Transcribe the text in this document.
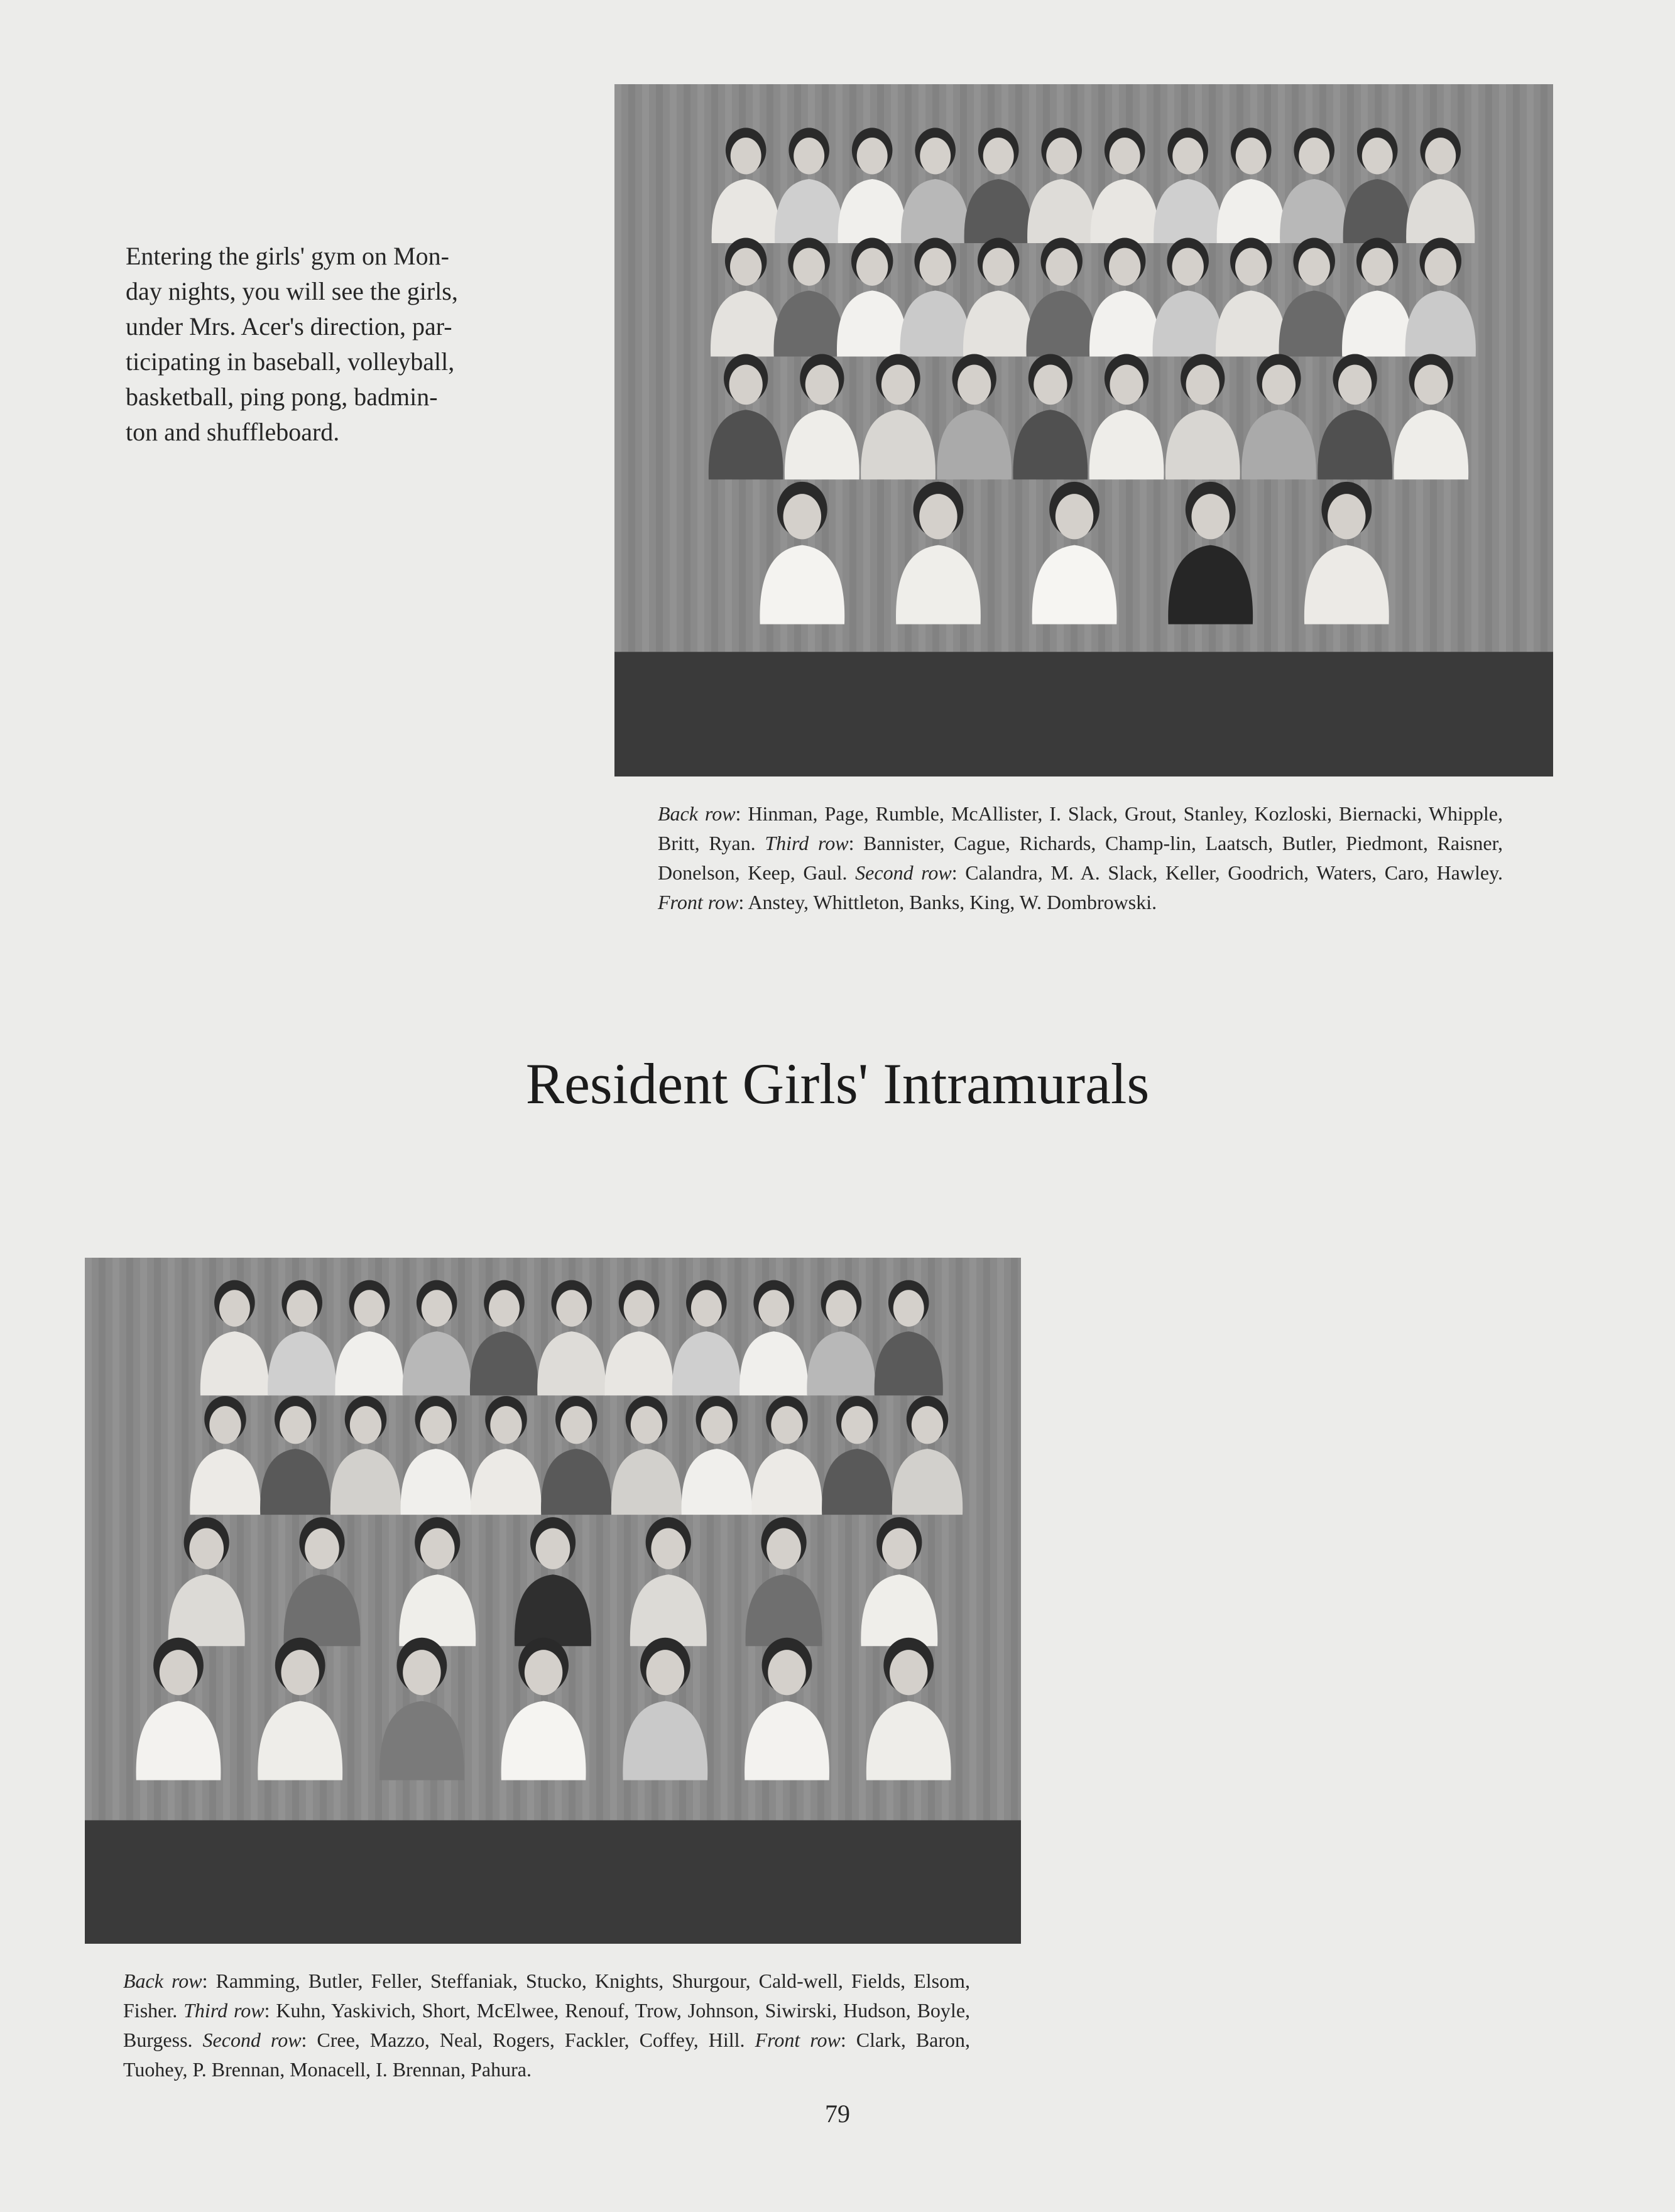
Entering the girls' gym on Mon-
day nights, you will see the girls,
under Mrs. Acer's direction, par-
ticipating in baseball, volleyball,
basketball, ping pong, badmin-
ton and shuffleboard.

Back row: Hinman, Page, Rumble, McAllister, I. Slack, Grout, Stanley, Kozloski, Biernacki, Whipple, Britt, Ryan. Third row: Bannister, Cague, Richards, Champ-lin, Laatsch, Butler, Piedmont, Raisner, Donelson, Keep, Gaul. Second row: Calandra, M. A. Slack, Keller, Goodrich, Waters, Caro, Hawley. Front row: Anstey, Whittleton, Banks, King, W. Dombrowski.

Resident Girls' Intramurals

Back row: Ramming, Butler, Feller, Steffaniak, Stucko, Knights, Shurgour, Cald-well, Fields, Elsom, Fisher. Third row: Kuhn, Yaskivich, Short, McElwee, Renouf, Trow, Johnson, Siwirski, Hudson, Boyle, Burgess. Second row: Cree, Mazzo, Neal, Rogers, Fackler, Coffey, Hill. Front row: Clark, Baron, Tuohey, P. Brennan, Monacell, I. Brennan, Pahura.

79
